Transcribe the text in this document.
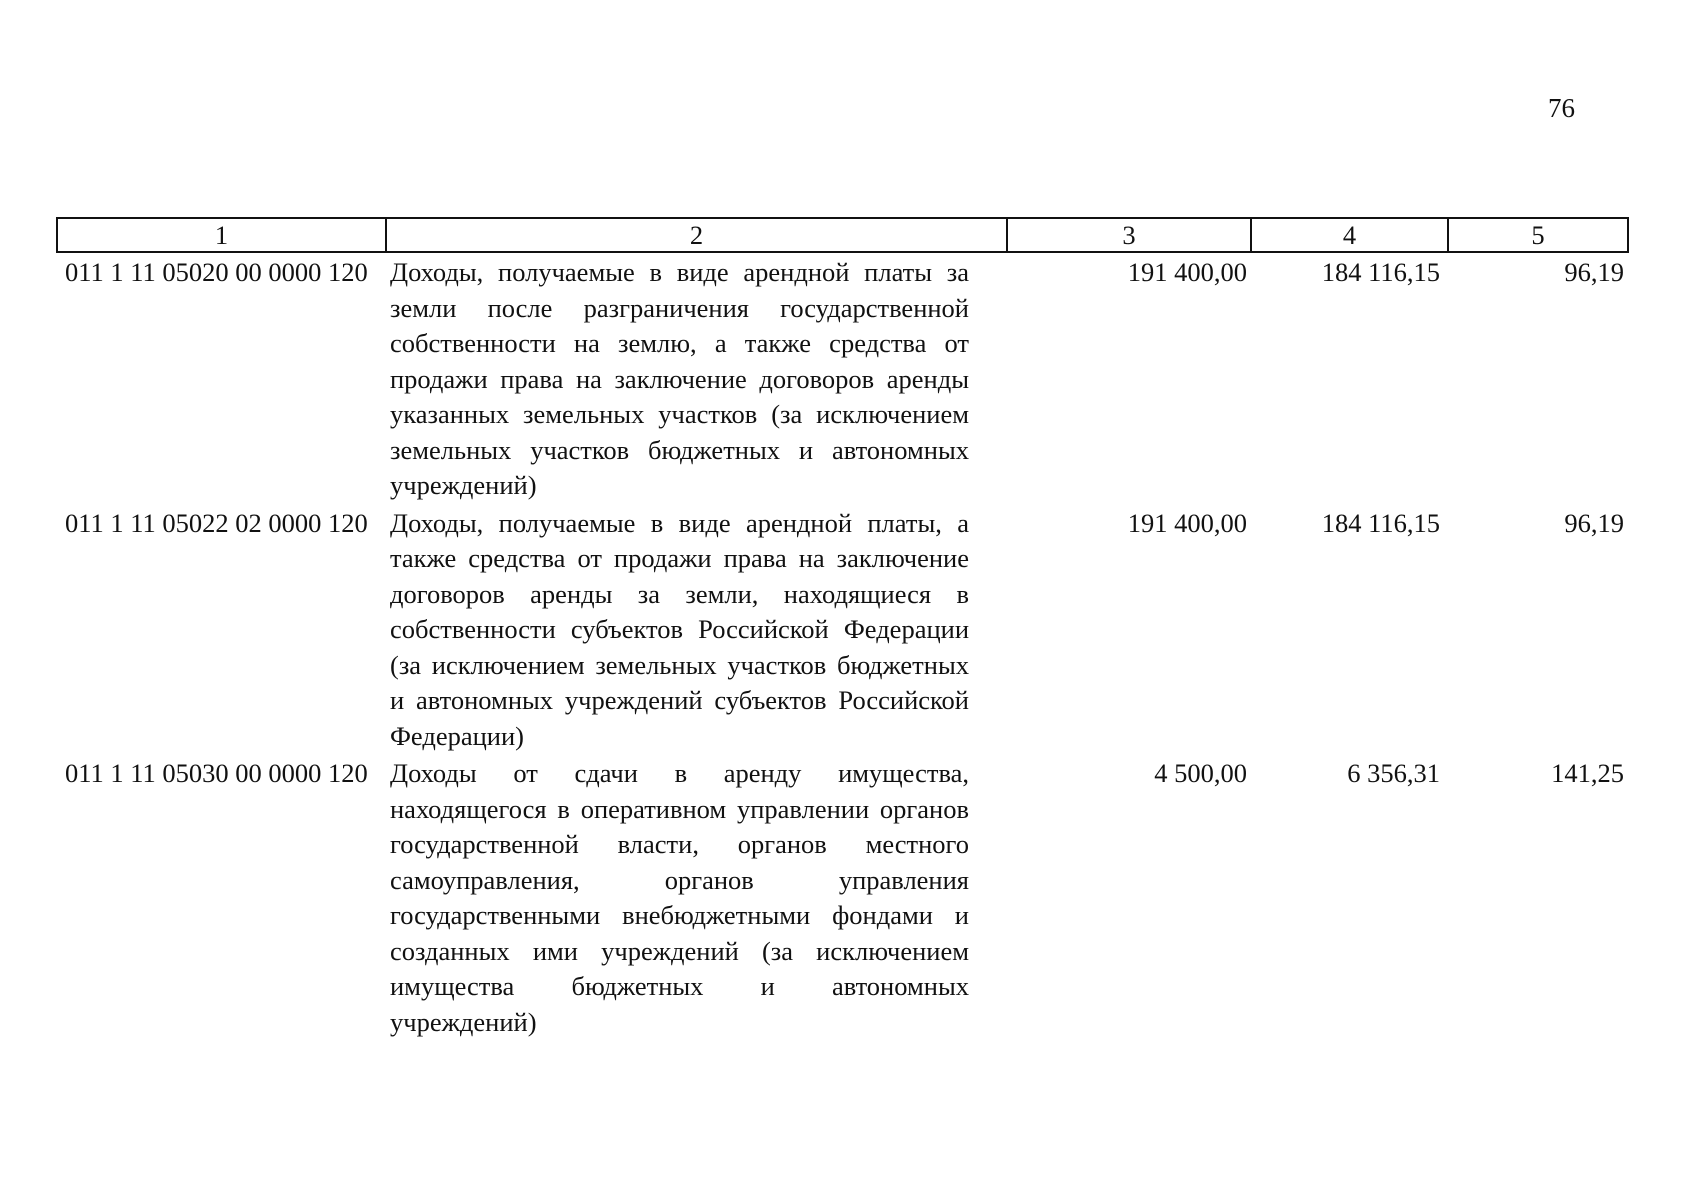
76
1	2	3	4	5
011 1 11 05020 00 0000 120	Доходы, получаемые в виде арендной платы за земли после разграничения государственной собственности на землю, а также средства от продажи права на заключение договоров аренды указанных земельных участков (за исключением земельных участков бюджетных и автономных учреждений)	191 400,00	184 116,15	96,19
011 1 11 05022 02 0000 120	Доходы, получаемые в виде арендной платы, а также средства от продажи права на заключение договоров аренды за земли, находящиеся в собственности субъектов Российской Федерации (за исключением земельных участков бюджетных и автономных учреждений субъектов Российской Федерации)	191 400,00	184 116,15	96,19
011 1 11 05030 00 0000 120	Доходы от сдачи в аренду имущества, находящегося в оперативном управлении органов государственной власти, органов местного самоуправления, органов управления государственными внебюджетными фондами и созданных ими учреждений (за исключением имущества бюджетных и автономных учреждений)	4 500,00	6 356,31	141,25
